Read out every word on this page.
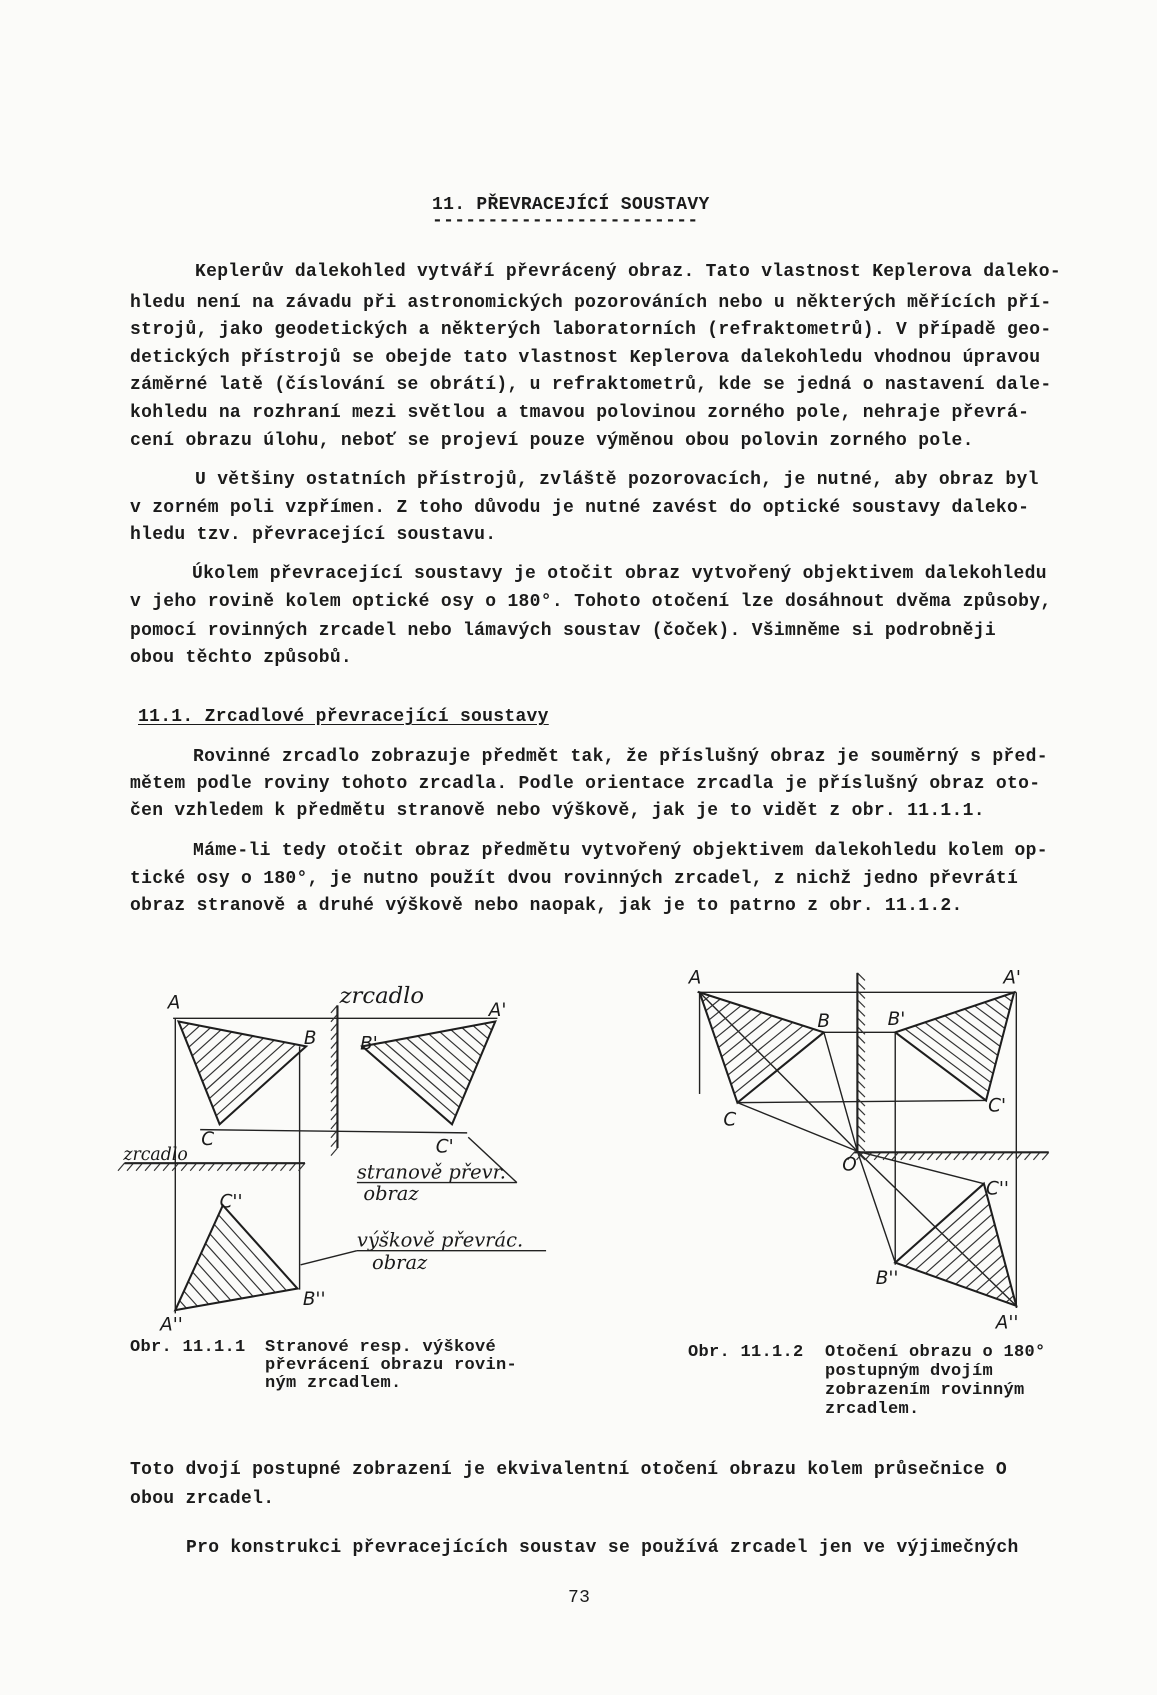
11. PŘEVRACEJÍCÍ SOUSTAVY
------------------------
Keplerův dalekohled vytváří převrácený obraz. Tato vlastnost Keplerova daleko-
hledu není na závadu při astronomických pozorováních nebo u některých měřících pří-
strojů, jako geodetických a některých laboratorních (refraktometrů). V případě geo-
detických přístrojů se obejde tato vlastnost Keplerova dalekohledu vhodnou úpravou
záměrné latě (číslování se obrátí), u refraktometrů, kde se jedná o nastavení dale-
kohledu na rozhraní mezi světlou a tmavou polovinou zorného pole, nehraje převrá-
cení obrazu úlohu, neboť se projeví pouze výměnou obou polovin zorného pole.
U většiny ostatních přístrojů, zvláště pozorovacích, je nutné, aby obraz byl
v zorném poli vzpřímen. Z toho důvodu je nutné zavést do optické soustavy daleko-
hledu tzv. převracející soustavu.
Úkolem převracející soustavy je otočit obraz vytvořený objektivem dalekohledu
v jeho rovině kolem optické osy o 180°. Tohoto otočení lze dosáhnout dvěma způsoby,
pomocí rovinných zrcadel nebo lámavých soustav (čoček). Všimněme si podrobněji
obou těchto způsobů.
11.1. Zrcadlové převracející soustavy
Rovinné zrcadlo zobrazuje předmět tak, že příslušný obraz je souměrný s před-
mětem podle roviny tohoto zrcadla. Podle orientace zrcadla je příslušný obraz oto-
čen vzhledem k předmětu stranově nebo výškově, jak je to vidět z obr. 11.1.1.
Máme-li tedy otočit obraz předmětu vytvořený objektivem dalekohledu kolem op-
tické osy o 180°, je nutno použít dvou rovinných zrcadel, z nichž jedno převrátí
obraz stranově a druhé výškově nebo naopak, jak je to patrno z obr. 11.1.2.
A	A'
B	B'
C	C'
C''
B''
A''
zrcadlo
zrcadlo
stranově převr.
obraz
výškově převrác.
obraz
A	A'
B	B'
C
C'
O
C''
B''
A''
Obr. 11.1.1 Stranové resp. výškové
převrácení obrazu rovin-
ným zrcadlem.
Obr. 11.1.2 Otočení obrazu o 180°
postupným dvojím
zobrazením rovinným
zrcadlem.
Toto dvojí postupné zobrazení je ekvivalentní otočení obrazu kolem průsečnice O
obou zrcadel.
Pro konstrukci převracejících soustav se používá zrcadel jen ve výjimečných
73
